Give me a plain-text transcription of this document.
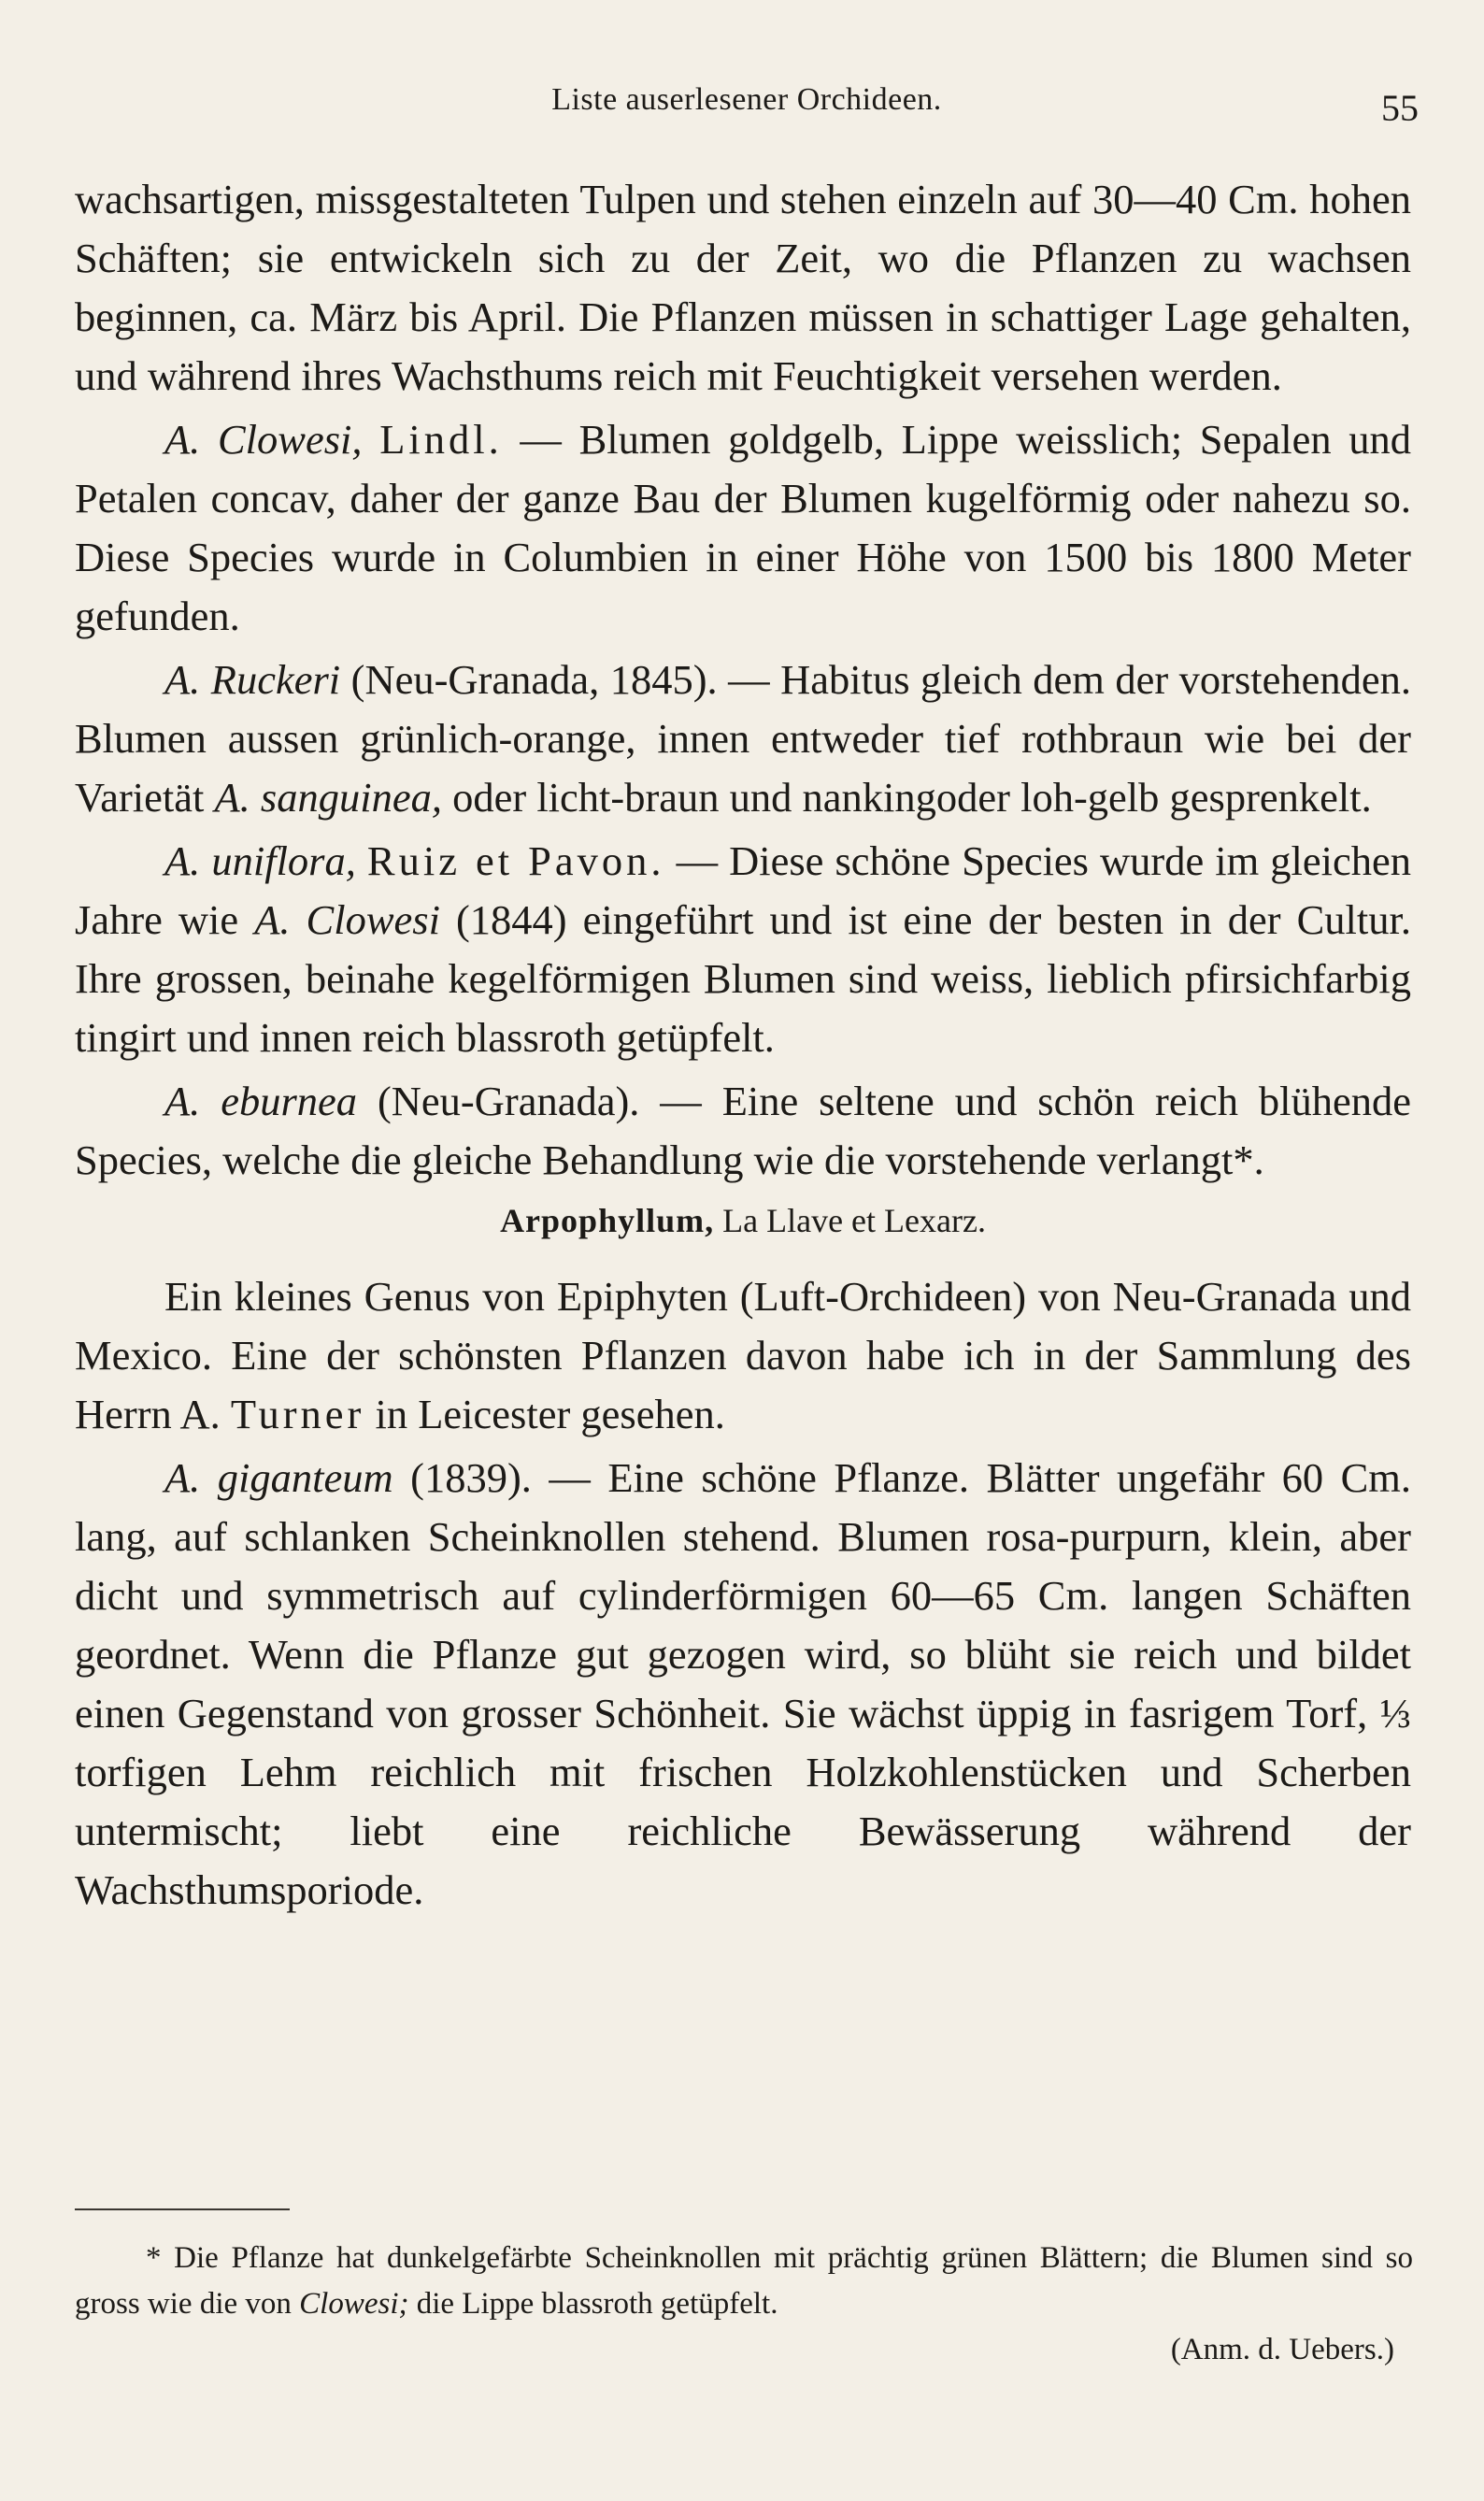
Liste auserlesener Orchideen.	55

wachsartigen, missgestalteten Tulpen und stehen einzeln auf 30—40 Cm. hohen Schäften; sie entwickeln sich zu der Zeit, wo die Pflanzen zu wachsen beginnen, ca. März bis April. Die Pflanzen müssen in schattiger Lage gehalten, und während ihres Wachsthums reich mit Feuchtigkeit versehen werden.

A. Clowesi, Lindl. — Blumen goldgelb, Lippe weisslich; Sepalen und Petalen concav, daher der ganze Bau der Blumen kugelförmig oder nahezu so. Diese Species wurde in Columbien in einer Höhe von 1500 bis 1800 Meter gefunden.

A. Ruckeri (Neu-Granada, 1845). — Habitus gleich dem der vorstehenden. Blumen aussen grünlich-orange, innen entweder tief rothbraun wie bei der Varietät A. sanguinea, oder licht-braun und nankingoder loh-gelb gesprenkelt.

A. uniflora, Ruiz et Pavon. — Diese schöne Species wurde im gleichen Jahre wie A. Clowesi (1844) eingeführt und ist eine der besten in der Cultur. Ihre grossen, beinahe kegelförmigen Blumen sind weiss, lieblich pfirsichfarbig tingirt und innen reich blassroth getüpfelt.

A. eburnea (Neu-Granada). — Eine seltene und schön reich blühende Species, welche die gleiche Behandlung wie die vorstehende verlangt*.

Arpophyllum, La Llave et Lexarz.

Ein kleines Genus von Epiphyten (Luft-Orchideen) von Neu-Granada und Mexico. Eine der schönsten Pflanzen davon habe ich in der Sammlung des Herrn A. Turner in Leicester gesehen.

A. giganteum (1839). — Eine schöne Pflanze. Blätter ungefähr 60 Cm. lang, auf schlanken Scheinknollen stehend. Blumen rosa-purpurn, klein, aber dicht und symmetrisch auf cylinderförmigen 60—65 Cm. langen Schäften geordnet. Wenn die Pflanze gut gezogen wird, so blüht sie reich und bildet einen Gegenstand von grosser Schönheit. Sie wächst üppig in fasrigem Torf, ⅓ torfigen Lehm reichlich mit frischen Holzkohlenstücken und Scherben untermischt; liebt eine reichliche Bewässerung während der Wachsthumsporiode.

* Die Pflanze hat dunkelgefärbte Scheinknollen mit prächtig grünen Blättern; die Blumen sind so gross wie die von Clowesi; die Lippe blassroth getüpfelt.

(Anm. d. Uebers.)
